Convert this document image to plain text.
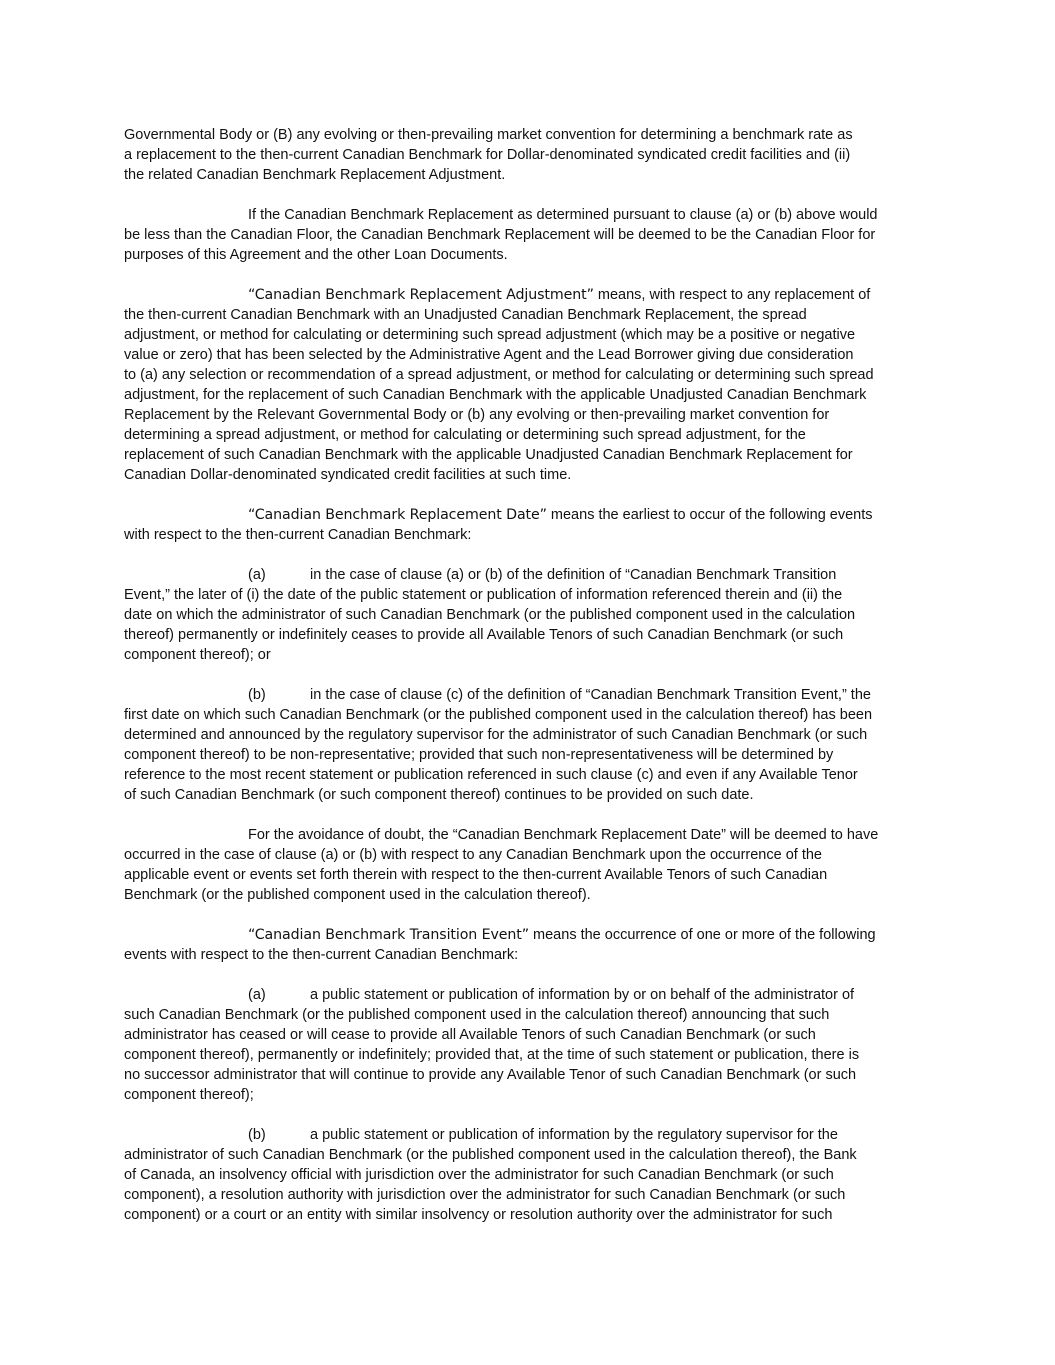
Governmental Body or (B) any evolving or then-prevailing market convention for determining a benchmark rate as
a replacement to the then-current Canadian Benchmark for Dollar-denominated syndicated credit facilities and (ii)
the related Canadian Benchmark Replacement Adjustment.
If the Canadian Benchmark Replacement as determined pursuant to clause (a) or (b) above would
be less than the Canadian Floor, the Canadian Benchmark Replacement will be deemed to be the Canadian Floor for
purposes of this Agreement and the other Loan Documents.
“Canadian Benchmark Replacement Adjustment” means, with respect to any replacement of
the then-current Canadian Benchmark with an Unadjusted Canadian Benchmark Replacement, the spread
adjustment, or method for calculating or determining such spread adjustment (which may be a positive or negative
value or zero) that has been selected by the Administrative Agent and the Lead Borrower giving due consideration
to (a) any selection or recommendation of a spread adjustment, or method for calculating or determining such spread
adjustment, for the replacement of such Canadian Benchmark with the applicable Unadjusted Canadian Benchmark
Replacement by the Relevant Governmental Body or (b) any evolving or then-prevailing market convention for
determining a spread adjustment, or method for calculating or determining such spread adjustment, for the
replacement of such Canadian Benchmark with the applicable Unadjusted Canadian Benchmark Replacement for
Canadian Dollar-denominated syndicated credit facilities at such time.
“Canadian Benchmark Replacement Date” means the earliest to occur of the following events
with respect to the then-current Canadian Benchmark:
(a)	in the case of clause (a) or (b) of the definition of “Canadian Benchmark Transition
Event,” the later of (i) the date of the public statement or publication of information referenced therein and (ii) the
date on which the administrator of such Canadian Benchmark (or the published component used in the calculation
thereof) permanently or indefinitely ceases to provide all Available Tenors of such Canadian Benchmark (or such
component thereof); or
(b)	in the case of clause (c) of the definition of “Canadian Benchmark Transition Event,” the
first date on which such Canadian Benchmark (or the published component used in the calculation thereof) has been
determined and announced by the regulatory supervisor for the administrator of such Canadian Benchmark (or such
component thereof) to be non-representative; provided that such non-representativeness will be determined by
reference to the most recent statement or publication referenced in such clause (c) and even if any Available Tenor
of such Canadian Benchmark (or such component thereof) continues to be provided on such date.
For the avoidance of doubt, the “Canadian Benchmark Replacement Date” will be deemed to have
occurred in the case of clause (a) or (b) with respect to any Canadian Benchmark upon the occurrence of the
applicable event or events set forth therein with respect to the then-current Available Tenors of such Canadian
Benchmark (or the published component used in the calculation thereof).
“Canadian Benchmark Transition Event” means the occurrence of one or more of the following
events with respect to the then-current Canadian Benchmark:
(a)	a public statement or publication of information by or on behalf of the administrator of
such Canadian Benchmark (or the published component used in the calculation thereof) announcing that such
administrator has ceased or will cease to provide all Available Tenors of such Canadian Benchmark (or such
component thereof), permanently or indefinitely; provided that, at the time of such statement or publication, there is
no successor administrator that will continue to provide any Available Tenor of such Canadian Benchmark (or such
component thereof);
(b)	a public statement or publication of information by the regulatory supervisor for the
administrator of such Canadian Benchmark (or the published component used in the calculation thereof), the Bank
of Canada, an insolvency official with jurisdiction over the administrator for such Canadian Benchmark (or such
component), a resolution authority with jurisdiction over the administrator for such Canadian Benchmark (or such
component) or a court or an entity with similar insolvency or resolution authority over the administrator for such
